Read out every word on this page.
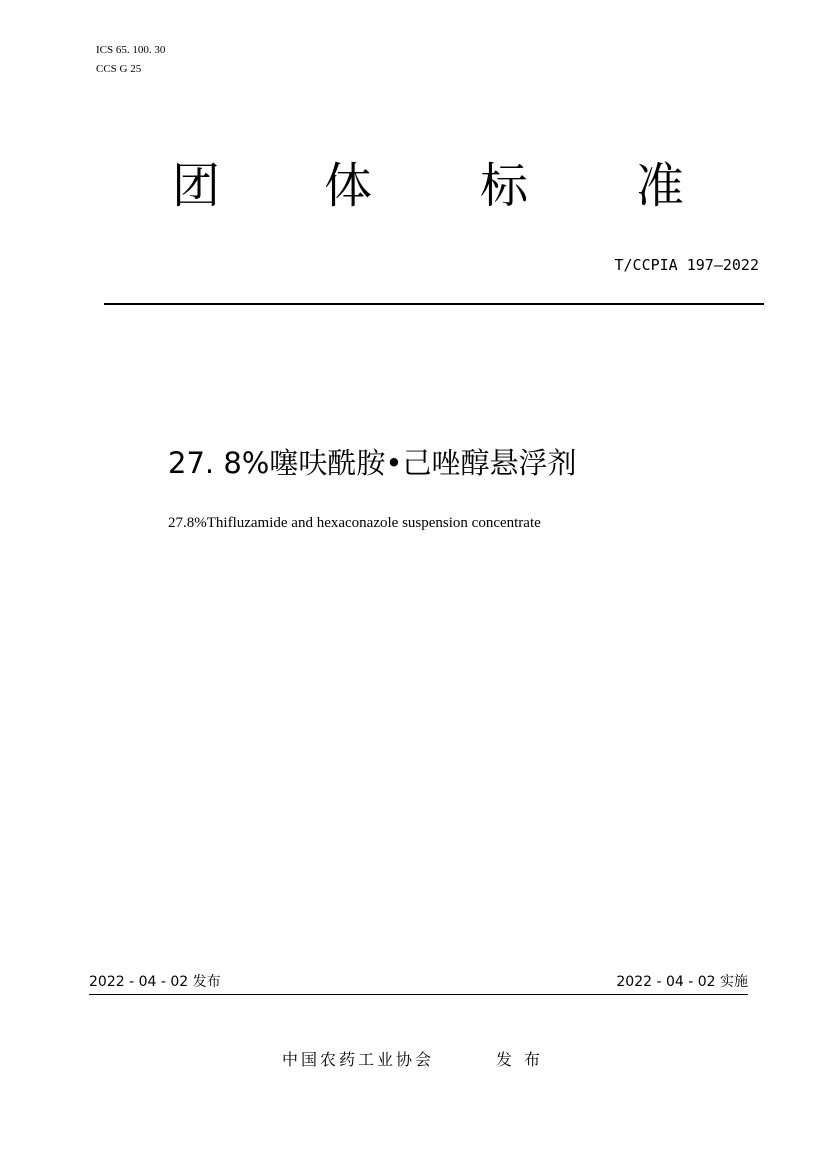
ICS 65. 100. 30
CCS G 25
团 体 标 准
T/CCPIA 197—2022
27. 8%噻呋酰胺•己唑醇悬浮剂
27.8%Thifluzamide and hexaconazole suspension concentrate
2022 - 04 - 02 发布	2022 - 04 - 02 实施
中国农药工业协会	发布
